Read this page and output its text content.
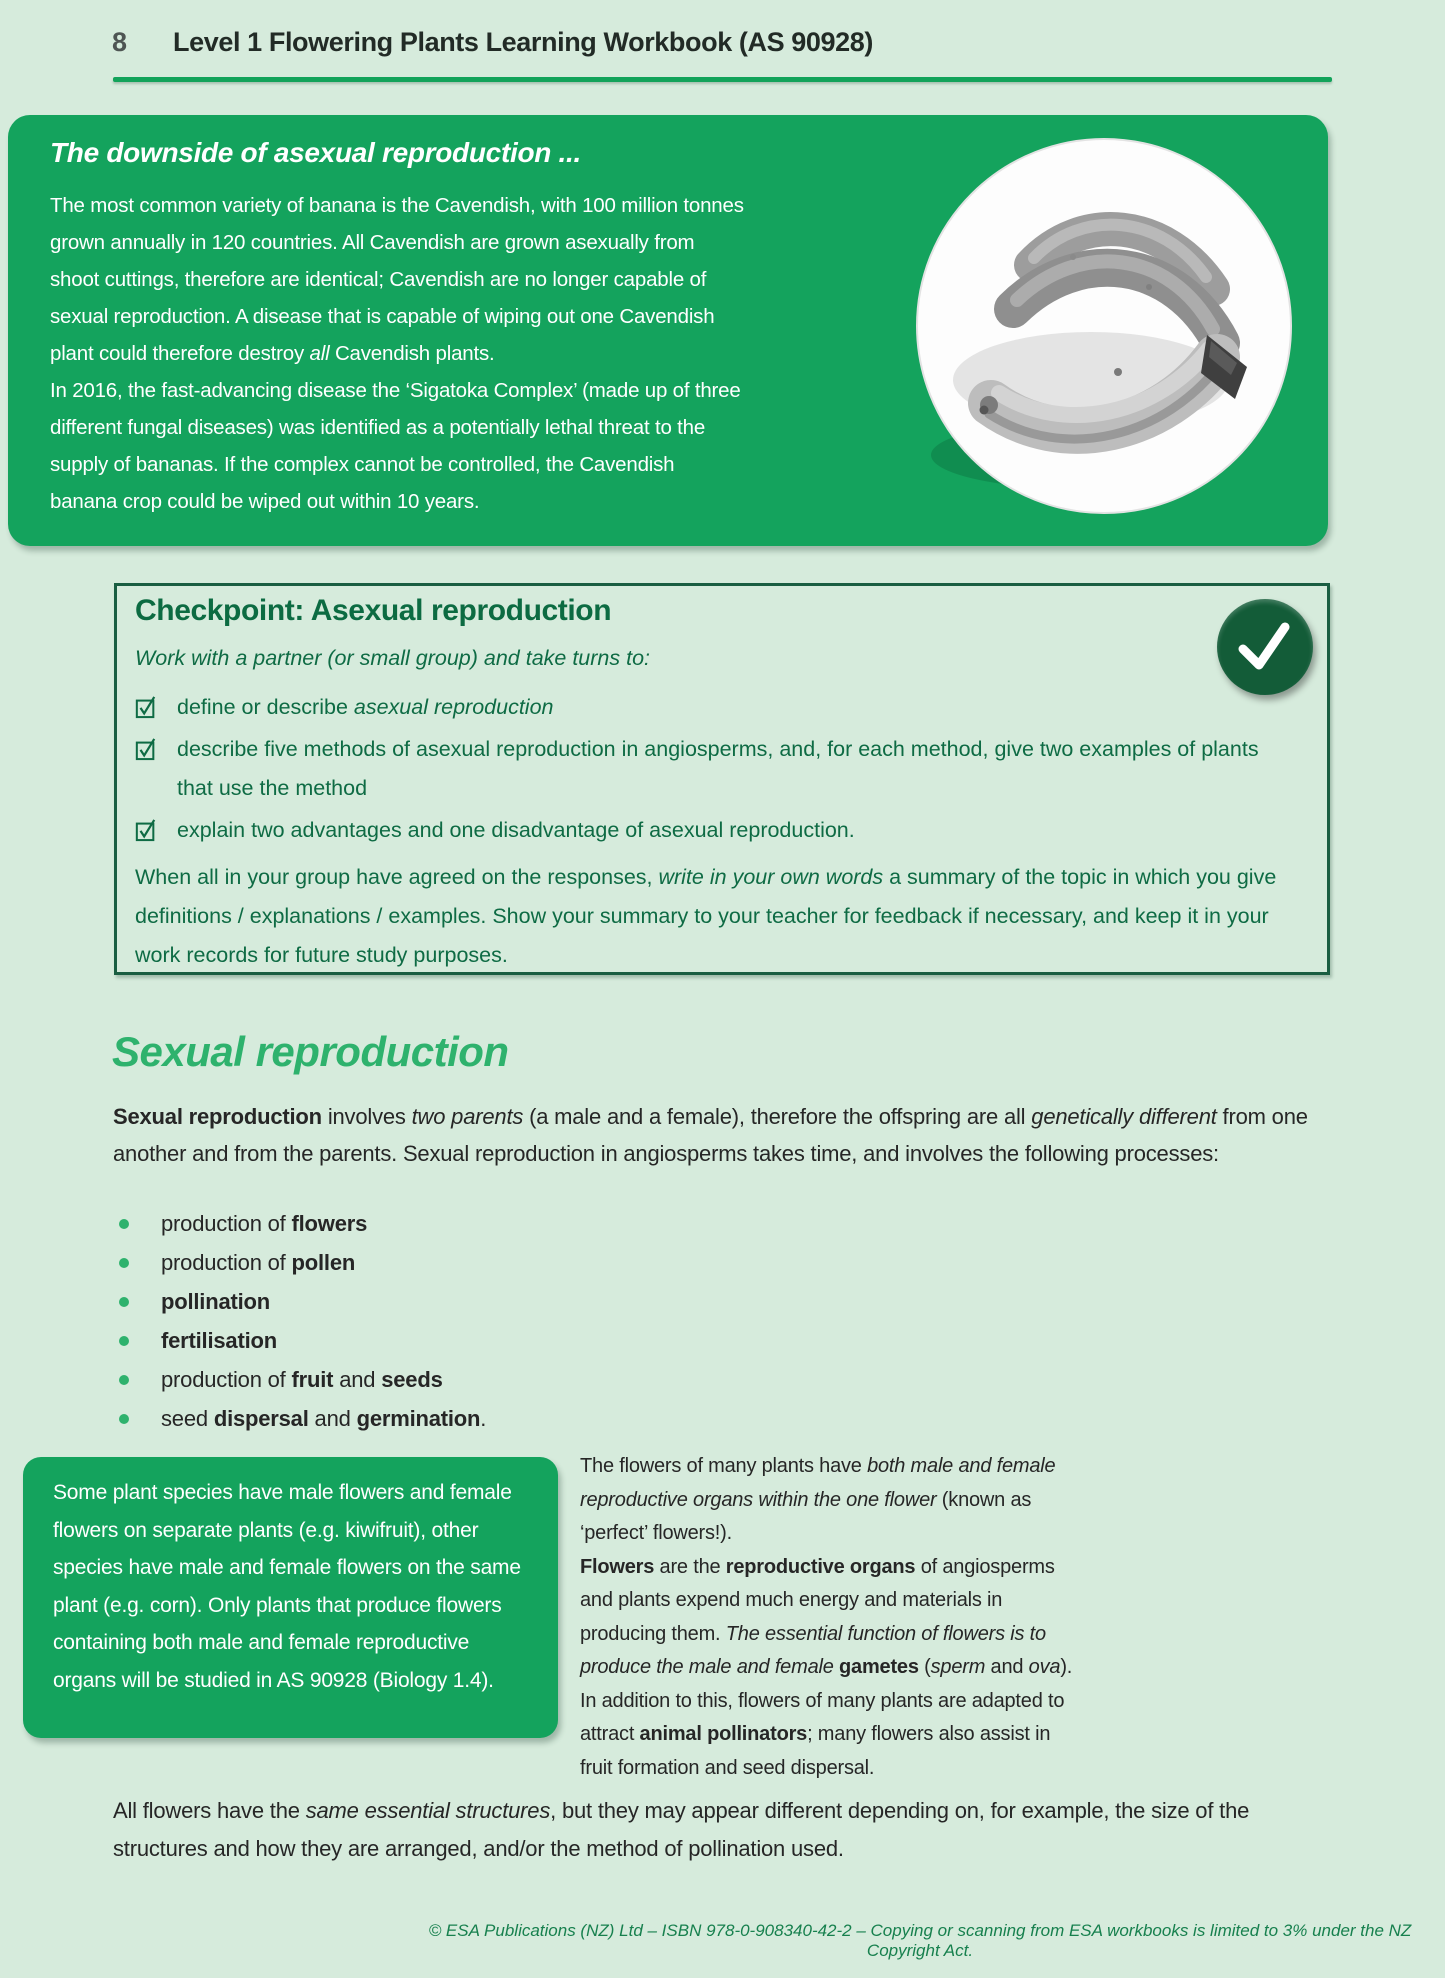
8 Level 1 Flowering Plants Learning Workbook (AS 90928)
The downside of asexual reproduction ...

The most common variety of banana is the Cavendish, with 100 million tonnes grown annually in 120 countries. All Cavendish are grown asexually from shoot cuttings, therefore are identical; Cavendish are no longer capable of sexual reproduction. A disease that is capable of wiping out one Cavendish plant could therefore destroy all Cavendish plants.

In 2016, the fast-advancing disease the ‘Sigatoka Complex’ (made up of three different fungal diseases) was identified as a potentially lethal threat to the supply of bananas. If the complex cannot be controlled, the Cavendish banana crop could be wiped out within 10 years.

Checkpoint: Asexual reproduction
Work with a partner (or small group) and take turns to:
define or describe asexual reproduction
describe five methods of asexual reproduction in angiosperms, and, for each method, give two examples of plants that use the method
explain two advantages and one disadvantage of asexual reproduction.
When all in your group have agreed on the responses, write in your own words a summary of the topic in which you give definitions / explanations / examples. Show your summary to your teacher for feedback if necessary, and keep it in your work records for future study purposes.
Sexual reproduction
Sexual reproduction involves two parents (a male and a female), therefore the offspring are all genetically different from one another and from the parents. Sexual reproduction in angiosperms takes time, and involves the following processes:
production of flowers
production of pollen
pollination
fertilisation
production of fruit and seeds
seed dispersal and germination.
Some plant species have male flowers and female flowers on separate plants (e.g. kiwifruit), other species have male and female flowers on the same plant (e.g. corn). Only plants that produce flowers containing both male and female reproductive organs will be studied in AS 90928 (Biology 1.4).

The flowers of many plants have both male and female reproductive organs within the one flower (known as ‘perfect’ flowers!).

Flowers are the reproductive organs of angiosperms and plants expend much energy and materials in producing them. The essential function of flowers is to produce the male and female gametes (sperm and ova). In addition to this, flowers of many plants are adapted to attract animal pollinators; many flowers also assist in fruit formation and seed dispersal.

All flowers have the same essential structures, but they may appear different depending on, for example, the size of the structures and how they are arranged, and/or the method of pollination used.
© ESA Publications (NZ) Ltd – ISBN 978-0-908340-42-2 – Copying or scanning from ESA workbooks is limited to 3% under the NZ Copyright Act.
